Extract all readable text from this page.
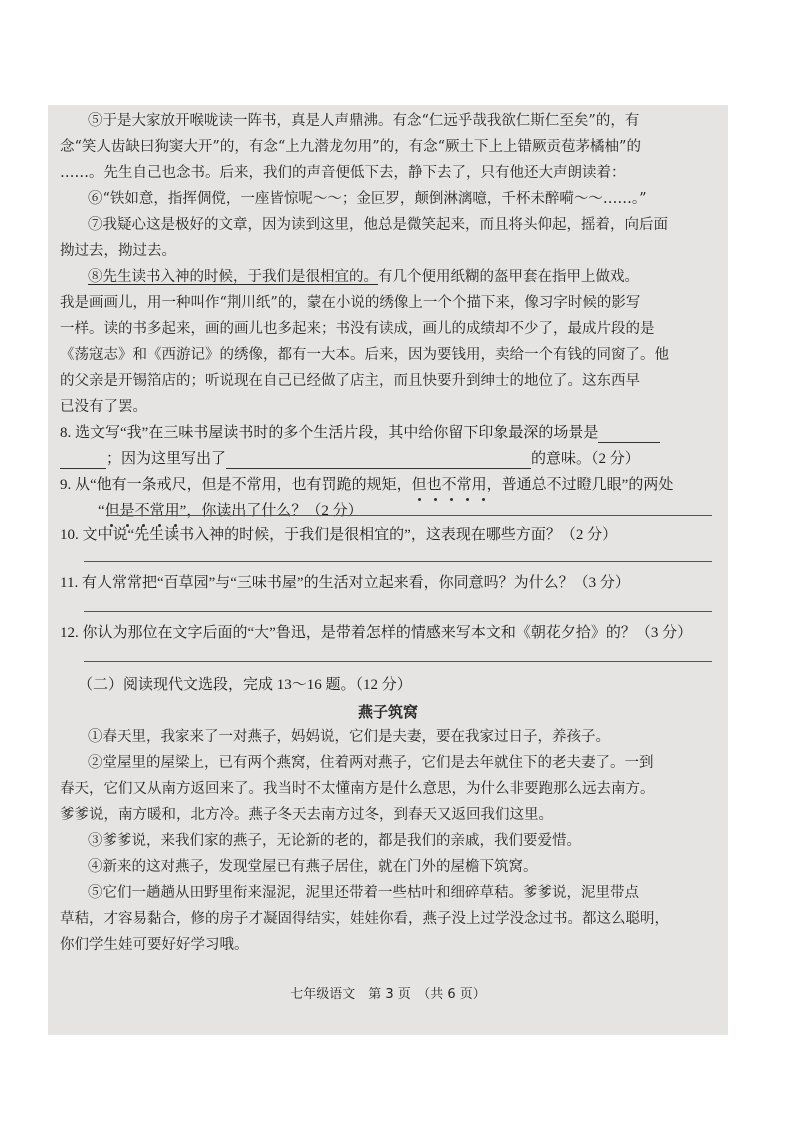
⑤于是大家放开喉咙读一阵书，真是人声鼎沸。有念“仁远乎哉我欲仁斯仁至矣”的，有
念“笑人齿缺曰狗窦大开”的，有念“上九潜龙勿用”的，有念“厥土下上上错厥贡苞茅橘柚”的
……。先生自己也念书。后来，我们的声音便低下去，静下去了，只有他还大声朗读着：
⑥“铁如意，指挥倜傥，一座皆惊呢～～；金叵罗，颠倒淋漓噫，千杯未醉嗬～～……。”
⑦我疑心这是极好的文章，因为读到这里，他总是微笑起来，而且将头仰起，摇着，向后面
拗过去，拗过去。
⑧先生读书入神的时候，于我们是很相宜的。有几个便用纸糊的盔甲套在指甲上做戏。
我是画画儿，用一种叫作“荆川纸”的，蒙在小说的绣像上一个个描下来，像习字时候的影写
一样。读的书多起来，画的画儿也多起来；书没有读成，画儿的成绩却不少了，最成片段的是
《荡寇志》和《西游记》的绣像，都有一大本。后来，因为要钱用，卖给一个有钱的同窗了。他
的父亲是开锡箔店的；听说现在自己已经做了店主，而且快要升到绅士的地位了。这东西早
已没有了罢。
8. 选文写“我”在三味书屋读书时的多个生活片段，其中给你留下印象最深的场景是
；因为这里写出了	的意味。（2 分）
9. 从“他有一条戒尺，但是不常用，也有罚跪的规矩，但也不常用，普通总不过瞪几眼”的两处
“但是不常用”，你读出了什么？（2 分）
10. 文中说“先生读书入神的时候，于我们是很相宜的”，这表现在哪些方面？（2 分）
11. 有人常常把“百草园”与“三味书屋”的生活对立起来看，你同意吗？为什么？（3 分）
12. 你认为那位在文字后面的“大”鲁迅，是带着怎样的情感来写本文和《朝花夕拾》的？（3 分）
（二）阅读现代文选段，完成 13～16 题。（12 分）
燕子筑窝
①春天里，我家来了一对燕子，妈妈说，它们是夫妻，要在我家过日子，养孩子。
②堂屋里的屋梁上，已有两个燕窝，住着两对燕子，它们是去年就住下的老夫妻了。一到
春天，它们又从南方返回来了。我当时不太懂南方是什么意思，为什么非要跑那么远去南方。
爹爹说，南方暖和，北方冷。燕子冬天去南方过冬，到春天又返回我们这里。
③爹爹说，来我们家的燕子，无论新的老的，都是我们的亲戚，我们要爱惜。
④新来的这对燕子，发现堂屋已有燕子居住，就在门外的屋檐下筑窝。
⑤它们一趟趟从田野里衔来湿泥，泥里还带着一些枯叶和细碎草秸。爹爹说，泥里带点
草秸，才容易黏合，修的房子才凝固得结实，娃娃你看，燕子没上过学没念过书。都这么聪明，
你们学生娃可要好好学习哦。
七年级语文　第 3 页　（共 6 页）
